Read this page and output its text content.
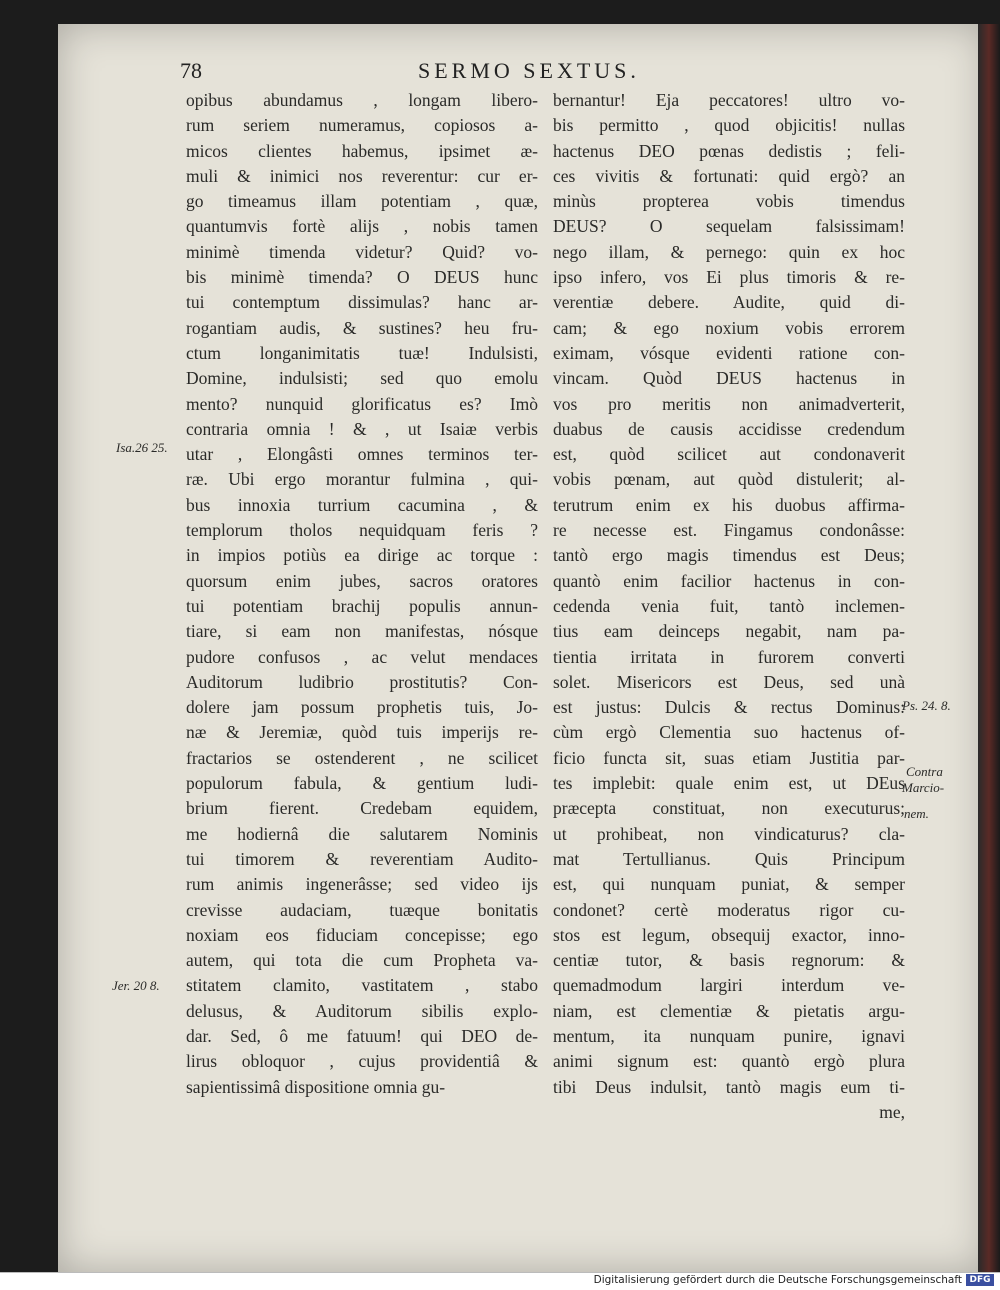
78	SERMO SEXTUS.
opibus abundamus , longam libero-
rum seriem numeramus, copiosos a-
micos clientes habemus, ipsimet æ-
muli & inimici nos reverentur: cur er-
go timeamus illam potentiam , quæ,
quantumvis fortè alijs , nobis tamen
minimè timenda videtur? Quid? vo-
bis minimè timenda? O DEUS hunc
tui contemptum dissimulas? hanc ar-
rogantiam audis, & sustines? heu fru-
ctum longanimitatis tuæ! Indulsisti,
Domine, indulsisti; sed quo emolu
mento? nunquid glorificatus es? Imò
contraria omnia ! & , ut Isaiæ verbis
utar , Elongâsti omnes terminos ter-
ræ. Ubi ergo morantur fulmina , qui-
bus innoxia turrium cacumina , &
templorum tholos nequidquam feris ?
in impios potiùs ea dirige ac torque :
quorsum enim jubes, sacros oratores
tui potentiam brachij populis annun-
tiare, si eam non manifestas, nósque
pudore confusos , ac velut mendaces
Auditorum ludibrio prostitutis? Con-
dolere jam possum prophetis tuis, Jo-
næ & Jeremiæ, quòd tuis imperijs re-
fractarios se ostenderent , ne scilicet
populorum fabula, & gentium ludi-
brium fierent. Credebam equidem,
me hodiernâ die salutarem Nominis
tui timorem & reverentiam Audito-
rum animis ingenerâsse; sed video ijs
crevisse audaciam, tuæque bonitatis
noxiam eos fiduciam concepisse; ego
autem, qui tota die cum Propheta va-
stitatem clamito, vastitatem , stabo
delusus, & Auditorum sibilis explo-
dar. Sed, ô me fatuum! qui DEO de-
lirus obloquor , cujus providentiâ &
sapientissimâ dispositione omnia gu-
bernantur! Eja peccatores! ultro vo-
bis permitto , quod objicitis! nullas
hactenus DEO pœnas dedistis ; feli-
ces vivitis & fortunati: quid ergò? an
minùs propterea vobis timendus
DEUS? O sequelam falsissimam!
nego illam, & pernego: quin ex hoc
ipso infero, vos Ei plus timoris & re-
verentiæ debere. Audite, quid di-
cam; & ego noxium vobis errorem
eximam, vósque evidenti ratione con-
vincam. Quòd DEUS hactenus in
vos pro meritis non animadverterit,
duabus de causis accidisse credendum
est, quòd scilicet aut condonaverit
vobis pœnam, aut quòd distulerit; al-
terutrum enim ex his duobus affirma-
re necesse est. Fingamus condonâsse:
tantò ergo magis timendus est Deus;
quantò enim facilior hactenus in con-
cedenda venia fuit, tantò inclemen-
tius eam deinceps negabit, nam pa-
tientia irritata in furorem converti
solet. Misericors est Deus, sed unà
est justus: Dulcis & rectus Dominus:
cùm ergò Clementia suo hactenus of-
ficio functa sit, suas etiam Justitia par-
tes implebit: quale enim est, ut DEus
præcepta constituat, non executurus;
ut prohibeat, non vindicaturus? cla-
mat Tertullianus. Quis Principum
est, qui nunquam puniat, & semper
condonet? certè moderatus rigor cu-
stos est legum, obsequij exactor, inno-
centiæ tutor, & basis regnorum: &
quemadmodum largiri interdum ve-
niam, est clementiæ & pietatis argu-
mentum, ita nunquam punire, ignavi
animi signum est: quantò ergò plura
tibi Deus indulsit, tantò magis eum ti-
me,
Isa.26 25.
Jer. 20 8.
Ps. 24. 8.
Contra
Marcio-
nem.
Digitalisierung gefördert durch die Deutsche Forschungsgemeinschaft DFG
